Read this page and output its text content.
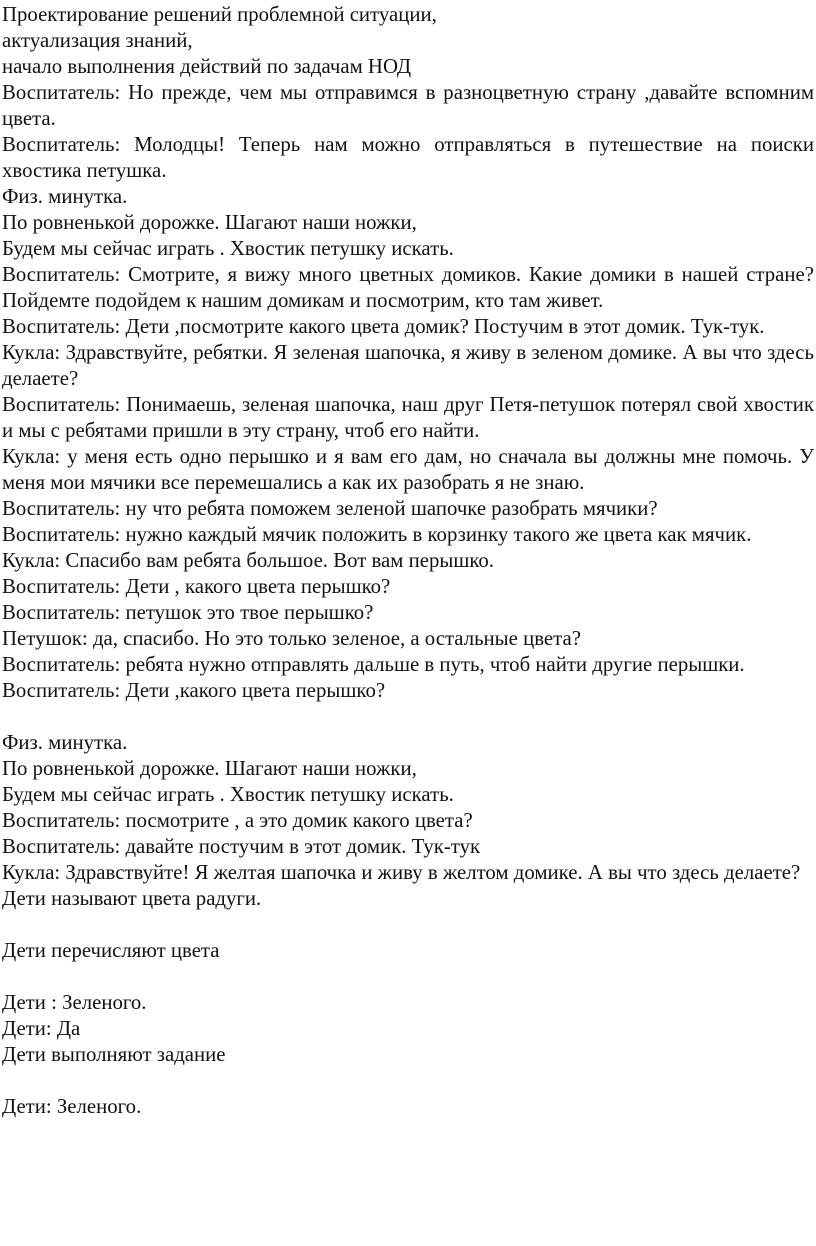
Проектирование решений проблемной ситуации,
актуализация знаний,
начало выполнения действий по задачам НОД
Воспитатель: Но прежде, чем мы отправимся в разноцветную страну ,давайте вспомним цвета.
Воспитатель: Молодцы! Теперь нам можно отправляться в путешествие на поиски хвостика петушка.
Физ. минутка.
По ровненькой дорожке. Шагают наши ножки,
Будем мы сейчас играть . Хвостик петушку искать.
Воспитатель: Смотрите, я вижу много цветных домиков. Какие домики в нашей стране? Пойдемте подойдем к нашим домикам и посмотрим, кто там живет.
Воспитатель: Дети ,посмотрите какого цвета домик? Постучим в этот домик. Тук-тук.
Кукла: Здравствуйте, ребятки. Я зеленая шапочка, я живу в зеленом домике. А вы что здесь делаете?
Воспитатель: Понимаешь, зеленая шапочка, наш друг Петя-петушок потерял свой хвостик и мы с ребятами пришли в эту страну, чтоб его найти.
Кукла: у меня есть одно перышко и я вам его дам, но сначала вы должны мне помочь. У меня мои мячики все перемешались а как их разобрать я не знаю.
Воспитатель: ну что ребята поможем зеленой шапочке разобрать мячики?
Воспитатель: нужно каждый мячик положить в корзинку такого же цвета как мячик.
Кукла: Спасибо вам ребята большое. Вот вам перышко.
Воспитатель: Дети , какого цвета перышко?
Воспитатель: петушок это твое перышко?
Петушок: да, спасибо. Но это только зеленое, а остальные цвета?
Воспитатель: ребята нужно отправлять дальше в путь, чтоб найти другие перышки.
Воспитатель: Дети ,какого цвета перышко?
Физ. минутка.
По ровненькой дорожке. Шагают наши ножки,
Будем мы сейчас играть . Хвостик петушку искать.
Воспитатель: посмотрите , а это домик какого цвета?
Воспитатель: давайте постучим в этот домик. Тук-тук
Кукла: Здравствуйте! Я желтая шапочка и живу в желтом домике. А вы что здесь делаете?
Дети называют цвета радуги.
Дети перечисляют цвета
Дети : Зеленого.
Дети: Да
Дети выполняют задание
Дети: Зеленого.
